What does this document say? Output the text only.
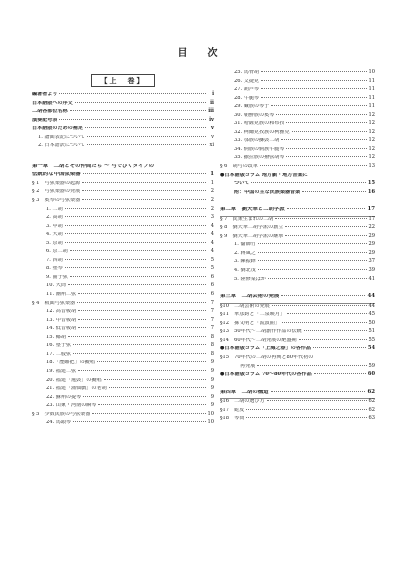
目　次
【上　巻】
編著者より	i
日本語版への序文	ii
二胡各部位名称	iii
演奏記号表	iv
日本語版のための補足	v
1. 譜面表記について	v
2. 日本語訳について	xi
第一章　二胡とその仲間たち ～ 弓でひくタイプの
伝統的な中国弦楽器	1
§ 1　弓弦楽器の起源	1
§ 2　弓弦楽器の発展	2
§ 3　奚琴の弓弦楽器	2
1. 二胡	2
2. 高胡	3
3. 中胡	4
4. 大胡	4
5. 京胡	4
6. 京二胡	4
7. 四胡	5
8. 墜琴	5
9. 曲子弦	6
10. 大筒	6
11. 潮州二弦	6
§ 4　板面弓弦楽器	7
12. 高音板胡	7
13. 中音板胡	7
14. 低音板胡	7
15. 椰胡	8
16. 墜子弦	8
17. 二股弦	8
18.「歴縮把」の擬唱	9
19. 福建二弦	9
20. 福建「蓮鼓」の擬唱	9
21. 福建「蒲仙戯」の老胡	9
22. 蘇州の提琴	9
23. 山東・河南の瞬琴	9
§ 5　少数民族の弓弦楽器	10
24. 馬頭琴	10
25. 馬骨胡	10
26. 艾捷克	11
27. 葫芦琴	11
28. 牛腿琴	11
29. 蔵族の琴子	11
30. 朝鮮族の奚琴	12
31. 哈薩克族の和布孜	12
32. 柯爾克孜族の柯雅克	12
33. 鄂族の擲鼓二胡	12
34. 侗族の侗族牛腿琴	12
35. 撒拉族の撥弦胡琴	12
§ 6　胡弓の改革	13
●日本語版コラム 地方劇・地方音楽に
ついて	15
附：中国の主な民族楽器音楽	16
第二章　劉天華と二胡学派	17
§ 7　民衆生まれの二胡	17
§ 8　劉天華二胡学派の創立	22
§ 9　劉天華二胡学派の継承	29
1. 儲師竹	29
2. 蒋風之	29
3. 陳振鐸	37
4. 劉北茂	39
5. 陸修棠ほか	41
第三章　二胡芸術の発展	44
§10　二胡芸術の発展	44
§11　華彦鈞と「二泉映月」	45
§12　孫文明と「流波曲」	50
§13　50年代～二胡創作作品の伝統	51
§14　60年代～二胡発展の絶盛期	55
●日本語版コラム「上海之春」の各作品	54
§15　70年代の二胡の再興と80年代初の
再発展	59
●日本語版コラム 70～80年代の各作品	60
第四章　二胡の構造	62
§16　二胡の選び方	62
§17　蛇皮	62
§18　琴筒	63
